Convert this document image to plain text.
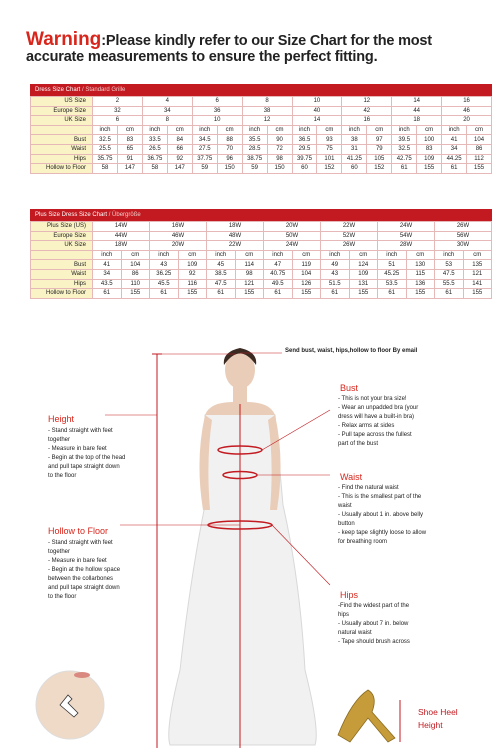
Warning:Please kindly refer to our Size Chart for the most
accurate measurements to ensure the perfect fitting.
Dress Size Chart / Standard Grille
US Size	2		4		6		8		10		12		14		16	
Europe Size	32		34		36		38		40		42		44		46	
UK Size	6		8		10		12		14		16		18		20	
	inch	cm	inch	cm	inch	cm	inch	cm	inch	cm	inch	cm	inch	cm	inch	cm
Bust	32.5	83	33.5	84	34.5	88	35.5	90	36.5	93	38	97	39.5	100	41	104
Waist	25.5	65	26.5	66	27.5	70	28.5	72	29.5	75	31	79	32.5	83	34	86
Hips	35.75	91	36.75	92	37.75	96	38.75	98	39.75	101	41.25	105	42.75	109	44.25	112
Hollow to Floor	58	147	58	147	59	150	59	150	60	152	60	152	61	155	61	155
Plus Size Dress Size Chart / Übergröße
Plus Size (US)	14W		16W		18W		20W		22W		24W		26W	
Europe Size	44W		46W		48W		50W		52W		54W		56W	
UK Size	18W		20W		22W		24W		26W		28W		30W	
	inch	cm	inch	cm	inch	cm	inch	cm	inch	cm	inch	cm	inch	cm
Bust	41	104	43	109	45	114	47	119	49	124	51	130	53	135
Waist	34	86	36.25	92	38.5	98	40.75	104	43	109	45.25	115	47.5	121
Hips	43.5	110	45.5	116	47.5	121	49.5	126	51.5	131	53.5	136	55.5	141
Hollow to Floor	61	155	61	155	61	155	61	155	61	155	61	155	61	155
Send bust, waist, hips,hollow to floor By email
Height
- Stand straight with feet
together
- Measure in bare feet
- Begin at the top of the head
and pull tape straight down
to the floor
Hollow to Floor
- Stand straight with feet
together
- Measure in bare feet
- Begin at the hollow space
between the collarbones
and pull tape straight down
to the floor
Bust
- This is not your bra size!
- Wear an unpadded bra (your
dress will have a built-in bra)
- Relax arms at sides
- Pull tape across the fullest
part of the bust
Waist
- Find the natural waist
- This is the smallest part of the
waist
- Usually about 1 in. above belly
button
- keep tape slightly loose to allow
for breathing room
Hips
-Find the widest part of the
hips
- Usually about 7 in. below
natural waist
- Tape should brush across
Shoe Heel
Height
